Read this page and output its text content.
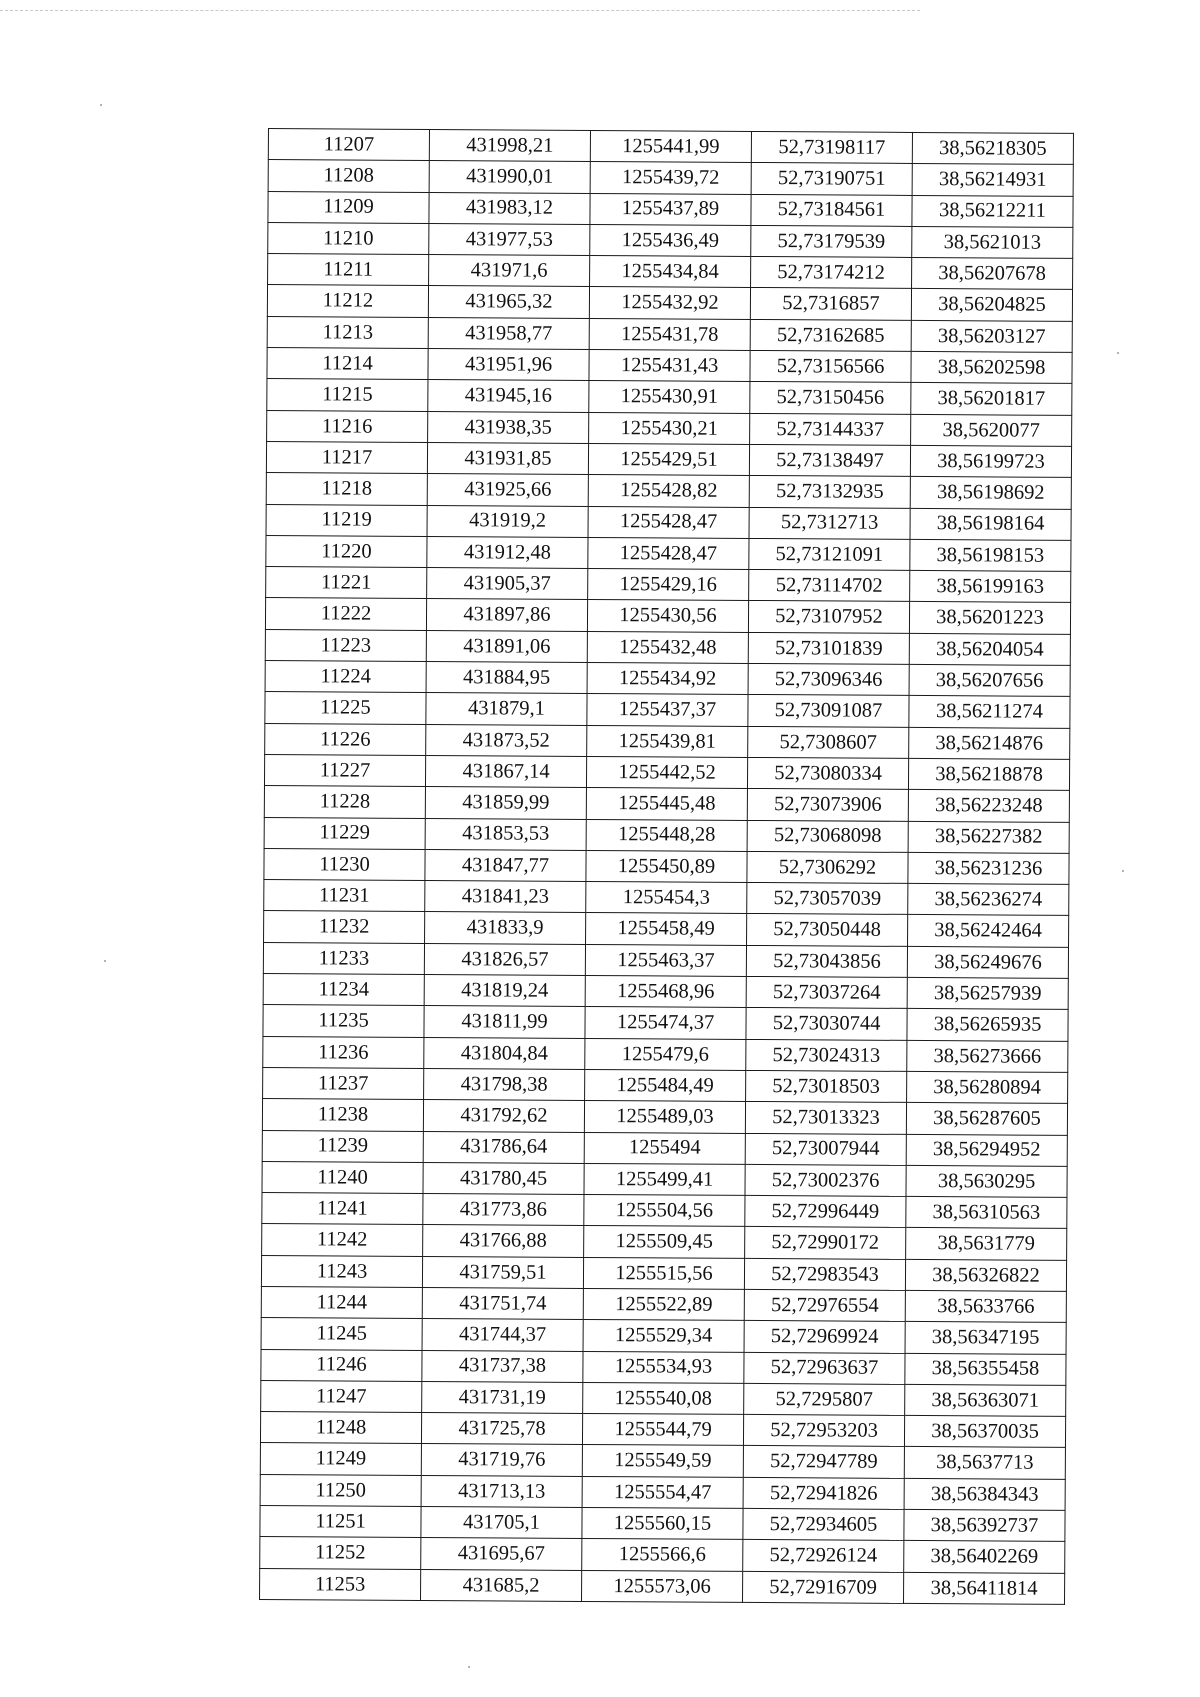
11207	431998,21	1255441,99	52,73198117	38,56218305
11208	431990,01	1255439,72	52,73190751	38,56214931
11209	431983,12	1255437,89	52,73184561	38,56212211
11210	431977,53	1255436,49	52,73179539	38,5621013
11211	431971,6	1255434,84	52,73174212	38,56207678
11212	431965,32	1255432,92	52,7316857	38,56204825
11213	431958,77	1255431,78	52,73162685	38,56203127
11214	431951,96	1255431,43	52,73156566	38,56202598
11215	431945,16	1255430,91	52,73150456	38,56201817
11216	431938,35	1255430,21	52,73144337	38,5620077
11217	431931,85	1255429,51	52,73138497	38,56199723
11218	431925,66	1255428,82	52,73132935	38,56198692
11219	431919,2	1255428,47	52,7312713	38,56198164
11220	431912,48	1255428,47	52,73121091	38,56198153
11221	431905,37	1255429,16	52,73114702	38,56199163
11222	431897,86	1255430,56	52,73107952	38,56201223
11223	431891,06	1255432,48	52,73101839	38,56204054
11224	431884,95	1255434,92	52,73096346	38,56207656
11225	431879,1	1255437,37	52,73091087	38,56211274
11226	431873,52	1255439,81	52,7308607	38,56214876
11227	431867,14	1255442,52	52,73080334	38,56218878
11228	431859,99	1255445,48	52,73073906	38,56223248
11229	431853,53	1255448,28	52,73068098	38,56227382
11230	431847,77	1255450,89	52,7306292	38,56231236
11231	431841,23	1255454,3	52,73057039	38,56236274
11232	431833,9	1255458,49	52,73050448	38,56242464
11233	431826,57	1255463,37	52,73043856	38,56249676
11234	431819,24	1255468,96	52,73037264	38,56257939
11235	431811,99	1255474,37	52,73030744	38,56265935
11236	431804,84	1255479,6	52,73024313	38,56273666
11237	431798,38	1255484,49	52,73018503	38,56280894
11238	431792,62	1255489,03	52,73013323	38,56287605
11239	431786,64	1255494	52,73007944	38,56294952
11240	431780,45	1255499,41	52,73002376	38,5630295
11241	431773,86	1255504,56	52,72996449	38,56310563
11242	431766,88	1255509,45	52,72990172	38,5631779
11243	431759,51	1255515,56	52,72983543	38,56326822
11244	431751,74	1255522,89	52,72976554	38,5633766
11245	431744,37	1255529,34	52,72969924	38,56347195
11246	431737,38	1255534,93	52,72963637	38,56355458
11247	431731,19	1255540,08	52,7295807	38,56363071
11248	431725,78	1255544,79	52,72953203	38,56370035
11249	431719,76	1255549,59	52,72947789	38,5637713
11250	431713,13	1255554,47	52,72941826	38,56384343
11251	431705,1	1255560,15	52,72934605	38,56392737
11252	431695,67	1255566,6	52,72926124	38,56402269
11253	431685,2	1255573,06	52,72916709	38,56411814
